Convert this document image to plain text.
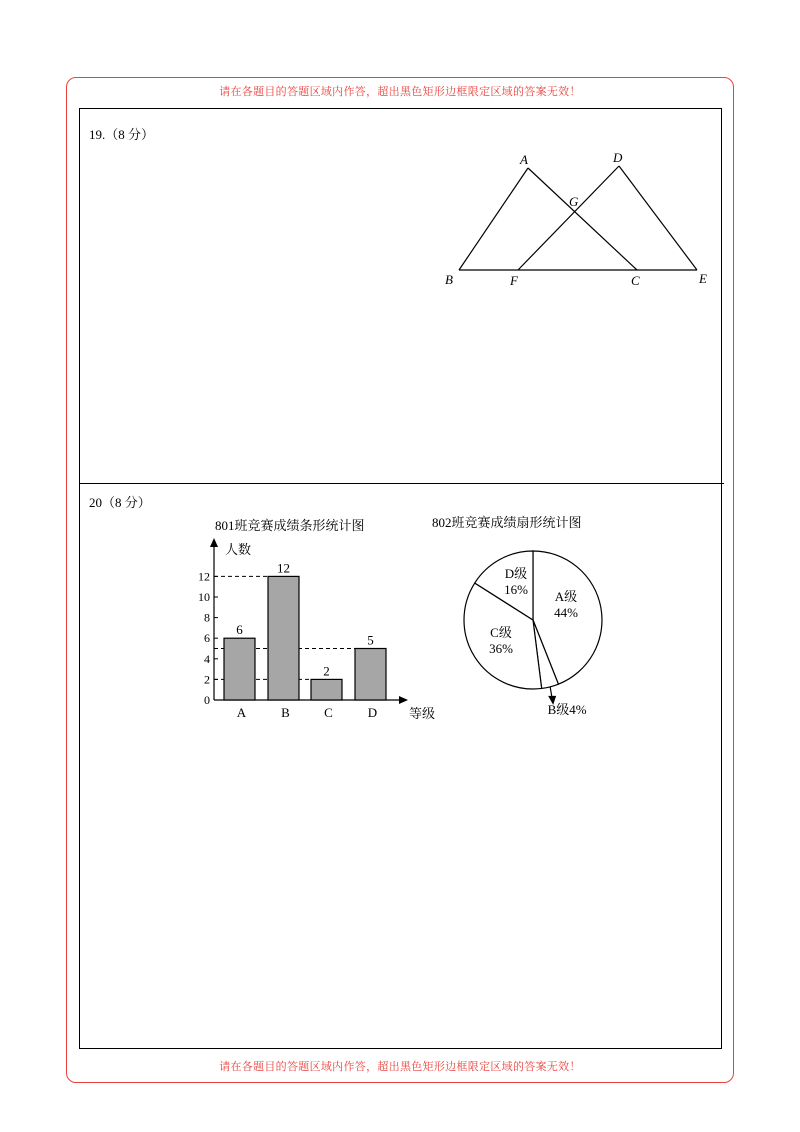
请在各题目的答题区域内作答，超出黑色矩形边框限定区域的答案无效！
请在各题目的答题区域内作答，超出黑色矩形边框限定区域的答案无效！
19.（8 分）
20（8 分）
A	D
G
B	F	C	E
801班竞赛成绩条形统计图	802班竞赛成绩扇形统计图
0
2
4
6
8
10
12
6
A
12
B
2
C
5
D
人数
等级
A级
44%
B级4%
C级
36%
D级
16%
